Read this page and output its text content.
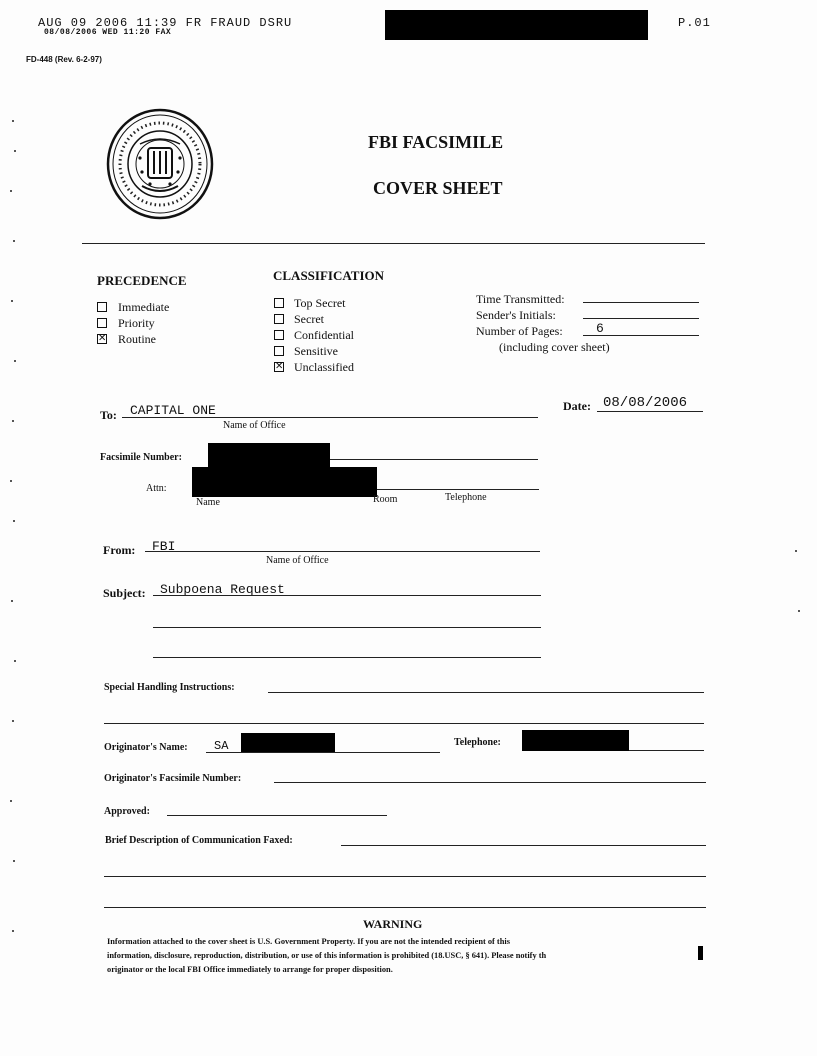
AUG 09 2006 11:39 FR FRAUD DSRU
08/08/2006 WED 11:20 FAX
P.01
FD-448 (Rev. 6-2-97)
FBI FACSIMILE
COVER SHEET
PRECEDENCE
Immediate
Priority
✕ Routine
CLASSIFICATION
Top Secret
Secret
Confidential
Sensitive
✕ Unclassified
Time Transmitted:
Sender's Initials:
Number of Pages:	6
(including cover sheet)
To: CAPITAL ONE
Name of Office
Date: 08/08/2006
Facsimile Number:
Attn:
Name	Room	Telephone
From: FBI
Name of Office
Subject: Subpoena Request
Special Handling Instructions:
Originator's Name: SA	Telephone:
Originator's Facsimile Number:
Approved:
Brief Description of Communication Faxed:
WARNING
Information attached to the cover sheet is U.S. Government Property. If you are not the intended recipient of this
information, disclosure, reproduction, distribution, or use of this information is prohibited (18.USC, § 641). Please notify th
originator or the local FBI Office immediately to arrange for proper disposition.
